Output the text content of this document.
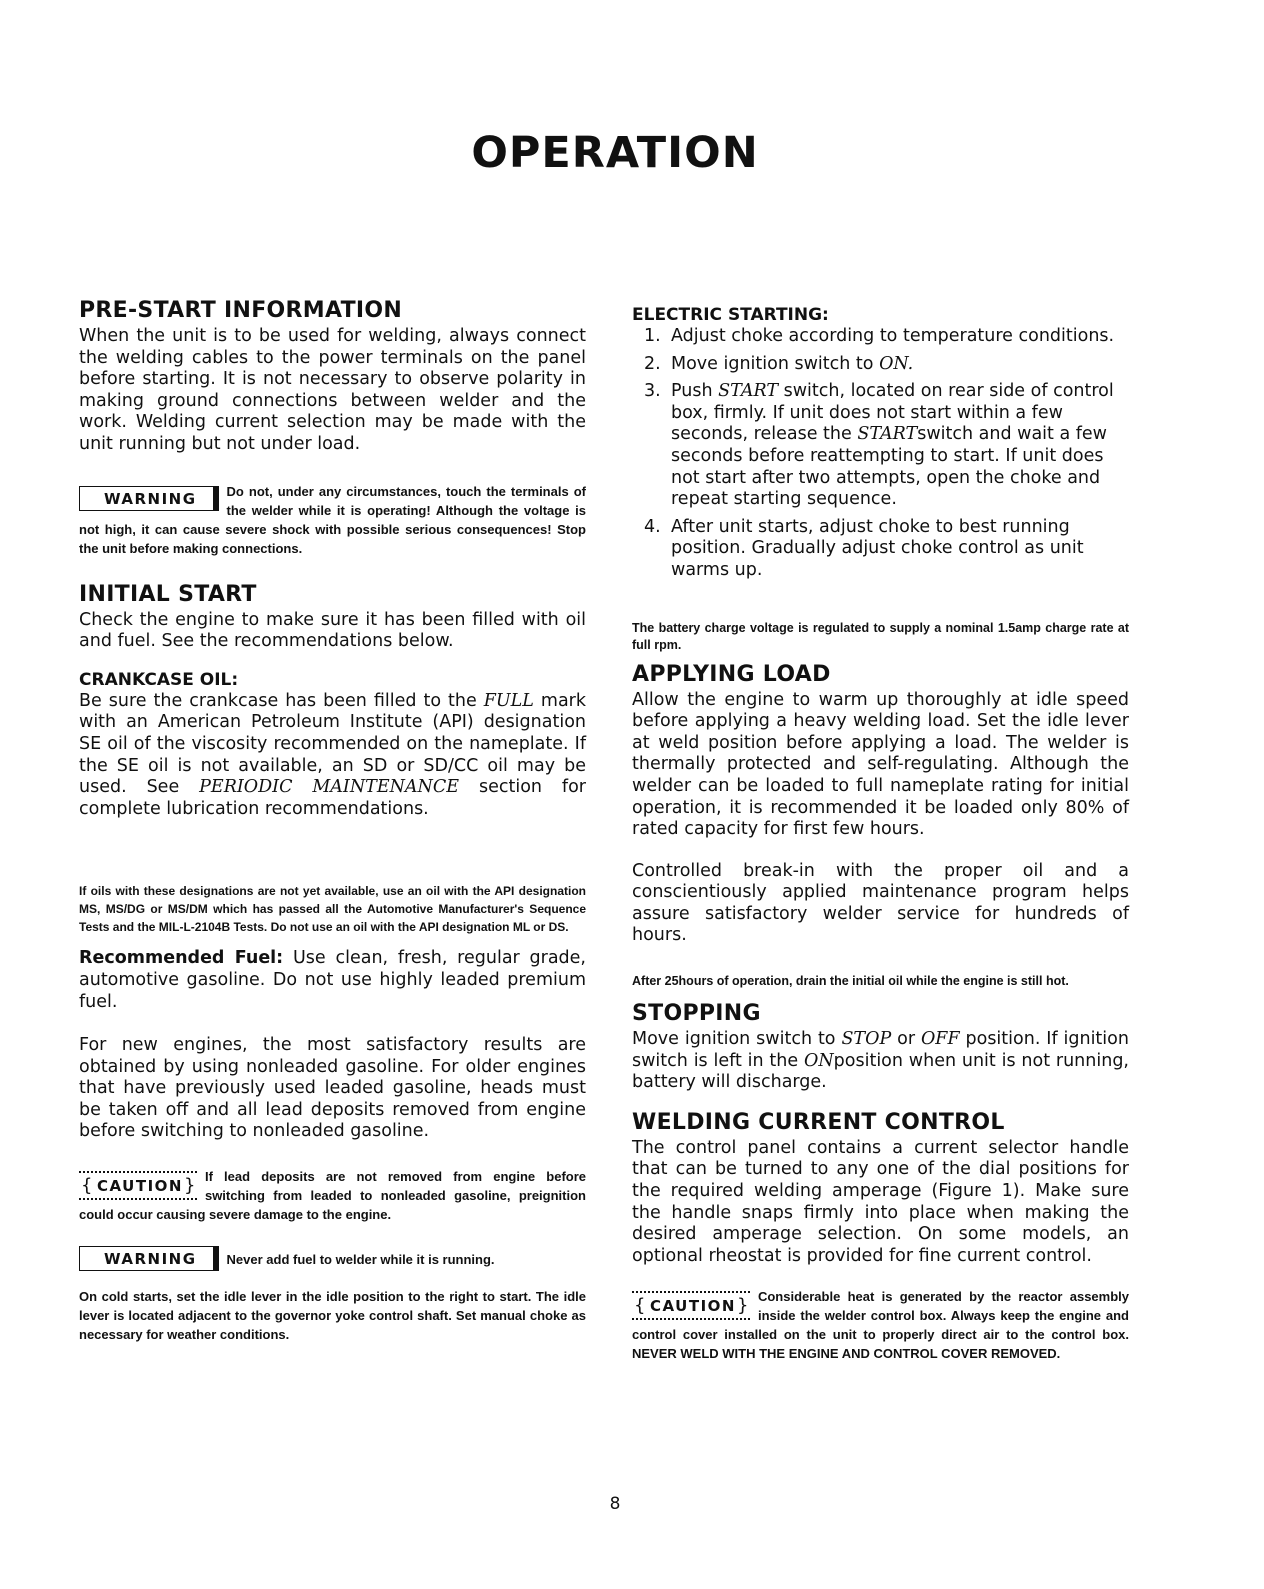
OPERATION
PRE-START INFORMATION

When the unit is to be used for welding, always connect the welding cables to the power terminals on the panel before starting. It is not necessary to observe polarity in making ground connections between welder and the work. Welding current selection may be made with the unit running but not under load.

WARNING	Do not, under any circumstances, touch the terminals of the welder while it is operating! Although the voltage is not high, it can cause severe shock with possible serious consequences! Stop the unit before making connections.

INITIAL START

Check the engine to make sure it has been filled with oil and fuel. See the recommendations below.

CRANKCASE OIL:

Be sure the crankcase has been filled to the FULL mark with an American Petroleum Institute (API) designation SE oil of the viscosity recommended on the nameplate. If the SE oil is not available, an SD or SD/CC oil may be used. See PERIODIC MAINTENANCE section for complete lubrication recommendations.

If oils with these designations are not yet available, use an oil with the API designation MS, MS/DG or MS/DM which has passed all the Automotive Manufacturer's Sequence Tests and the MIL-L-2104B Tests. Do not use an oil with the API designation ML or DS.

Recommended Fuel: Use clean, fresh, regular grade, automotive gasoline. Do not use highly leaded premium fuel.

For new engines, the most satisfactory results are obtained by using nonleaded gasoline. For older engines that have previously used leaded gasoline, heads must be taken off and all lead deposits removed from engine before switching to nonleaded gasoline.

{ CAUTION }

If lead deposits are not removed from engine before switching from leaded to nonleaded gasoline, preignition could occur causing severe damage to the engine.

WARNING	Never add fuel to welder while it is running.

On cold starts, set the idle lever in the idle position to the right to start. The idle lever is located adjacent to the governor yoke control shaft. Set manual choke as necessary for weather conditions.

ELECTRIC STARTING:
1. Adjust choke according to temperature conditions.
2. Move ignition switch to ON.
3. Push START switch, located on rear side of control box, firmly. If unit does not start within a few seconds, release the STARTswitch and wait a few seconds before reattempting to start. If unit does not start after two attempts, open the choke and repeat starting sequence.
4. After unit starts, adjust choke to best running position. Gradually adjust choke control as unit warms up.

The battery charge voltage is regulated to supply a nominal 1.5amp charge rate at full rpm.

APPLYING LOAD

Allow the engine to warm up thoroughly at idle speed before applying a heavy welding load. Set the idle lever at weld position before applying a load. The welder is thermally protected and self-regulating. Although the welder can be loaded to full nameplate rating for initial operation, it is recommended it be loaded only 80% of rated capacity for first few hours.

Controlled break-in with the proper oil and a conscientiously applied maintenance program helps assure satisfactory welder service for hundreds of hours.

After 25hours of operation, drain the initial oil while the engine is still hot.

STOPPING

Move ignition switch to STOP or OFF position. If ignition switch is left in the ONposition when unit is not running, battery will discharge.

WELDING CURRENT CONTROL

The control panel contains a current selector handle that can be turned to any one of the dial positions for the required welding amperage (Figure 1). Make sure the handle snaps firmly into place when making the desired amperage selection. On some models, an optional rheostat is provided for fine current control.

{ CAUTION }

Considerable heat is generated by the reactor assembly inside the welder control box. Always keep the engine and control cover installed on the unit to properly direct air to the control box. NEVER WELD WITH THE ENGINE AND CONTROL COVER REMOVED.

8
